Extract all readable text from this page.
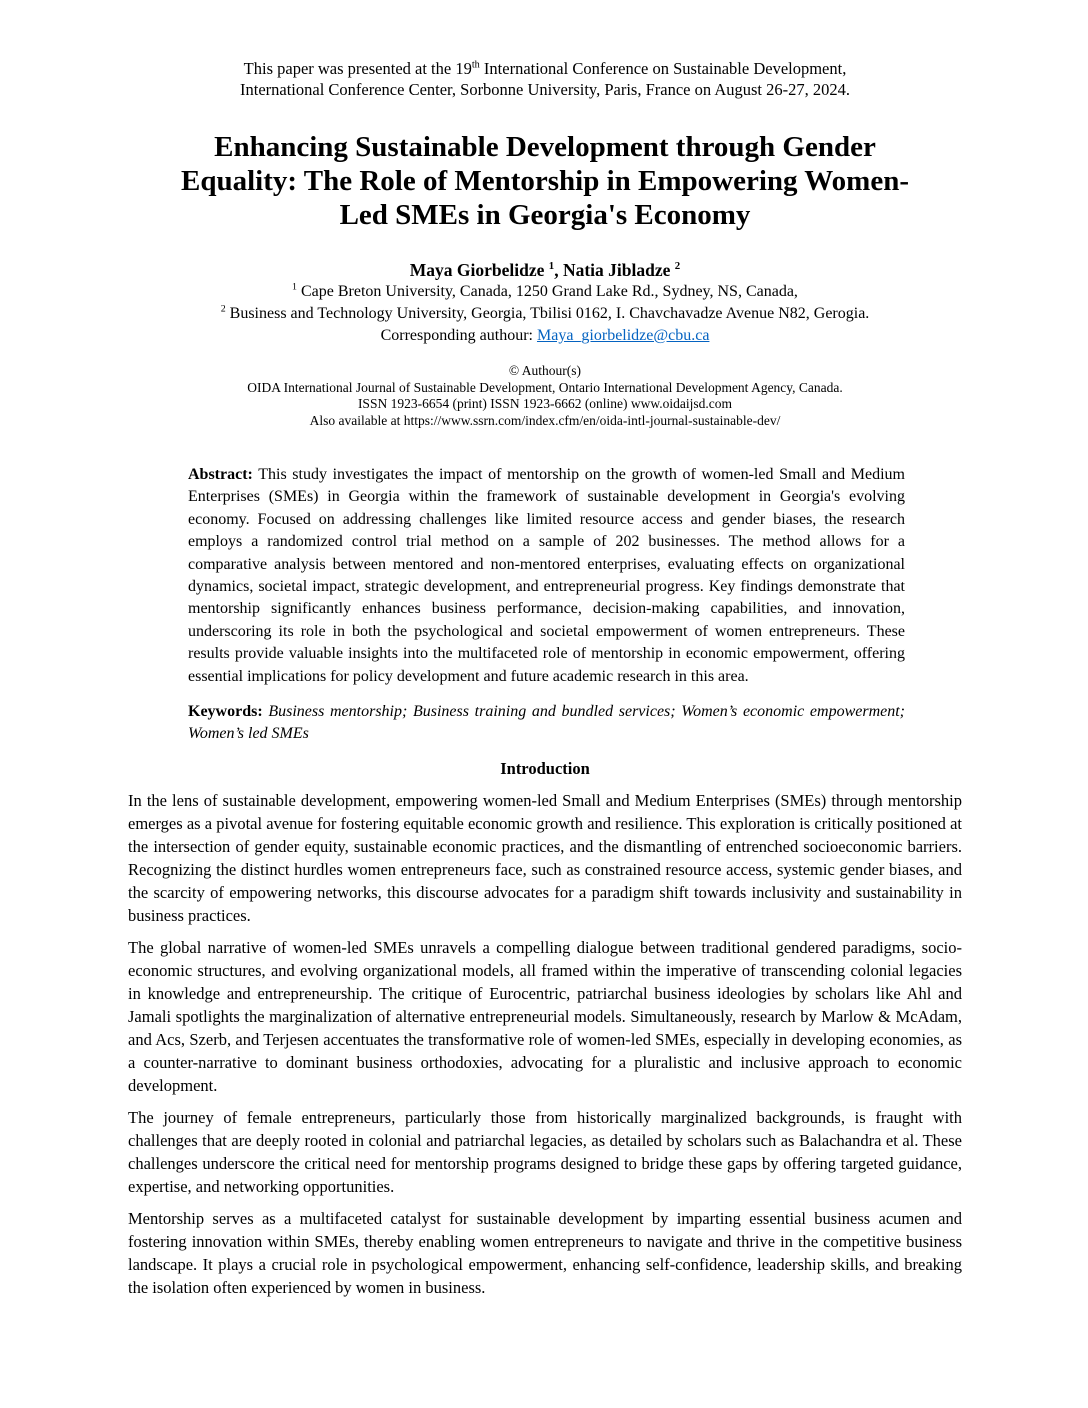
This paper was presented at the 19th International Conference on Sustainable Development,
International Conference Center, Sorbonne University, Paris, France on August 26-27, 2024.
Enhancing Sustainable Development through Gender Equality: The Role of Mentorship in Empowering Women-Led SMEs in Georgia's Economy
Maya Giorbelidze $^1$, Natia Jibladze $^2$
$^1$ Cape Breton University, Canada, 1250 Grand Lake Rd., Sydney, NS, Canada,
$^2$ Business and Technology University, Georgia, Tbilisi 0162, I. Chavchavadze Avenue N82, Gerogia.
Corresponding authour: Maya_giorbelidze@cbu.ca
© Authour(s)
OIDA International Journal of Sustainable Development, Ontario International Development Agency, Canada.
ISSN 1923-6654 (print) ISSN 1923-6662 (online) www.oidaijsd.com
Also available at https://www.ssrn.com/index.cfm/en/oida-intl-journal-sustainable-dev/

Abstract: This study investigates the impact of mentorship on the growth of women-led Small and Medium Enterprises (SMEs) in Georgia within the framework of sustainable development in Georgia's evolving economy. Focused on addressing challenges like limited resource access and gender biases, the research employs a randomized control trial method on a sample of 202 businesses. The method allows for a comparative analysis between mentored and non-mentored enterprises, evaluating effects on organizational dynamics, societal impact, strategic development, and entrepreneurial progress. Key findings demonstrate that mentorship significantly enhances business performance, decision-making capabilities, and innovation, underscoring its role in both the psychological and societal empowerment of women entrepreneurs. These results provide valuable insights into the multifaceted role of mentorship in economic empowerment, offering essential implications for policy development and future academic research in this area.

Keywords: Business mentorship; Business training and bundled services; Women’s economic empowerment; Women’s led SMEs

Introduction

In the lens of sustainable development, empowering women-led Small and Medium Enterprises (SMEs) through mentorship emerges as a pivotal avenue for fostering equitable economic growth and resilience. This exploration is critically positioned at the intersection of gender equity, sustainable economic practices, and the dismantling of entrenched socioeconomic barriers. Recognizing the distinct hurdles women entrepreneurs face, such as constrained resource access, systemic gender biases, and the scarcity of empowering networks, this discourse advocates for a paradigm shift towards inclusivity and sustainability in business practices.

The global narrative of women-led SMEs unravels a compelling dialogue between traditional gendered paradigms, socio-economic structures, and evolving organizational models, all framed within the imperative of transcending colonial legacies in knowledge and entrepreneurship. The critique of Eurocentric, patriarchal business ideologies by scholars like Ahl and Jamali spotlights the marginalization of alternative entrepreneurial models. Simultaneously, research by Marlow & McAdam, and Acs, Szerb, and Terjesen accentuates the transformative role of women-led SMEs, especially in developing economies, as a counter-narrative to dominant business orthodoxies, advocating for a pluralistic and inclusive approach to economic development.

The journey of female entrepreneurs, particularly those from historically marginalized backgrounds, is fraught with challenges that are deeply rooted in colonial and patriarchal legacies, as detailed by scholars such as Balachandra et al. These challenges underscore the critical need for mentorship programs designed to bridge these gaps by offering targeted guidance, expertise, and networking opportunities.

Mentorship serves as a multifaceted catalyst for sustainable development by imparting essential business acumen and fostering innovation within SMEs, thereby enabling women entrepreneurs to navigate and thrive in the competitive business landscape. It plays a crucial role in psychological empowerment, enhancing self-confidence, leadership skills, and breaking the isolation often experienced by women in business.
